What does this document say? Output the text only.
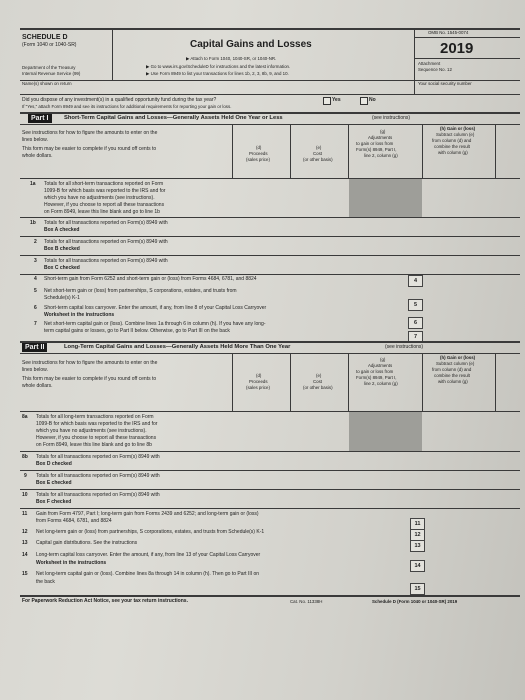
SCHEDULE D
(Form 1040 or 1040-SR)
Department of the Treasury
Internal Revenue Service (99)
Capital Gains and Losses
▶ Attach to Form 1040, 1040-SR, or 1040-NR.
▶ Go to www.irs.gov/ScheduleD for instructions and the latest information.
▶ Use Form 8949 to list your transactions for lines 1b, 2, 3, 8b, 9, and 10.
OMB No. 1545-0074
2019
Attachment
Sequence No. 12
Name(s) shown on return	Your social security number
Did you dispose of any investment(s) in a qualified opportunity fund during the tax year?	Yes	No
If "Yes," attach Form 8949 and see its instructions for additional requirements for reporting your gain or loss.
Part I	Short-Term Capital Gains and Losses—Generally Assets Held One Year or Less	(see instructions)
See instructions for how to figure the amounts to enter on the
lines below.
This form may be easier to complete if you round off cents to
whole dollars.
(d)
Proceeds
(sales price)
(e)
Cost
(or other basis)
(g)
Adjustments
to gain or loss from
Form(s) 8949, Part I,
line 2, column (g)
(h) Gain or (loss)
Subtract column (e)
from column (d) and
combine the result
with column (g)
1a Totals for all short-term transactions reported on Form
1099-B for which basis was reported to the IRS and for
which you have no adjustments (see instructions).
However, if you choose to report all these transactions
on Form 8949, leave this line blank and go to line 1b
1b Totals for all transactions reported on Form(s) 8949 with
Box A checked
2 Totals for all transactions reported on Form(s) 8949 with
Box B checked
3 Totals for all transactions reported on Form(s) 8949 with
Box C checked
4 Short-term gain from Form 6252 and short-term gain or (loss) from Forms 4684, 6781, and 8824	4
5 Net short-term gain or (loss) from partnerships, S corporations, estates, and trusts from
Schedule(s) K-1
5
6 Short-term capital loss carryover. Enter the amount, if any, from line 8 of your Capital Loss Carryover
Worksheet in the instructions
6
7 Net short-term capital gain or (loss). Combine lines 1a through 6 in column (h). If you have any long-
term capital gains or losses, go to Part II below. Otherwise, go to Part III on the back
7
Part II	Long-Term Capital Gains and Losses—Generally Assets Held More Than One Year	(see instructions)
See instructions for how to figure the amounts to enter on the
lines below.
This form may be easier to complete if you round off cents to
whole dollars.
(d)
Proceeds
(sales price)
(e)
Cost
(or other basis)
(g)
Adjustments
to gain or loss from
Form(s) 8949, Part I,
line 2, column (g)
(h) Gain or (loss)
Subtract column (e)
from column (d) and
combine the result
with column (g)
8a Totals for all long-term transactions reported on Form
1099-B for which basis was reported to the IRS and for
which you have no adjustments (see instructions).
However, if you choose to report all these transactions
on Form 8949, leave this line blank and go to line 8b
8b Totals for all transactions reported on Form(s) 8949 with
Box D checked
9 Totals for all transactions reported on Form(s) 8949 with
Box E checked
10 Totals for all transactions reported on Form(s) 8949 with
Box F checked
11 Gain from Form 4797, Part I; long-term gain from Forms 2439 and 6252; and long-term gain or (loss)
from Forms 4684, 6781, and 8824	11
12 Net long-term gain or (loss) from partnerships, S corporations, estates, and trusts from Schedule(s) K-1	12
13 Capital gain distributions. See the instructions	13
14 Long-term capital loss carryover. Enter the amount, if any, from line 13 of your Capital Loss Carryover
Worksheet in the instructions	14
15 Net long-term capital gain or (loss). Combine lines 8a through 14 in column (h). Then go to Part III on
the back
15
For Paperwork Reduction Act Notice, see your tax return instructions.	Cat. No. 11338H	Schedule D (Form 1040 or 1040-SR) 2019
